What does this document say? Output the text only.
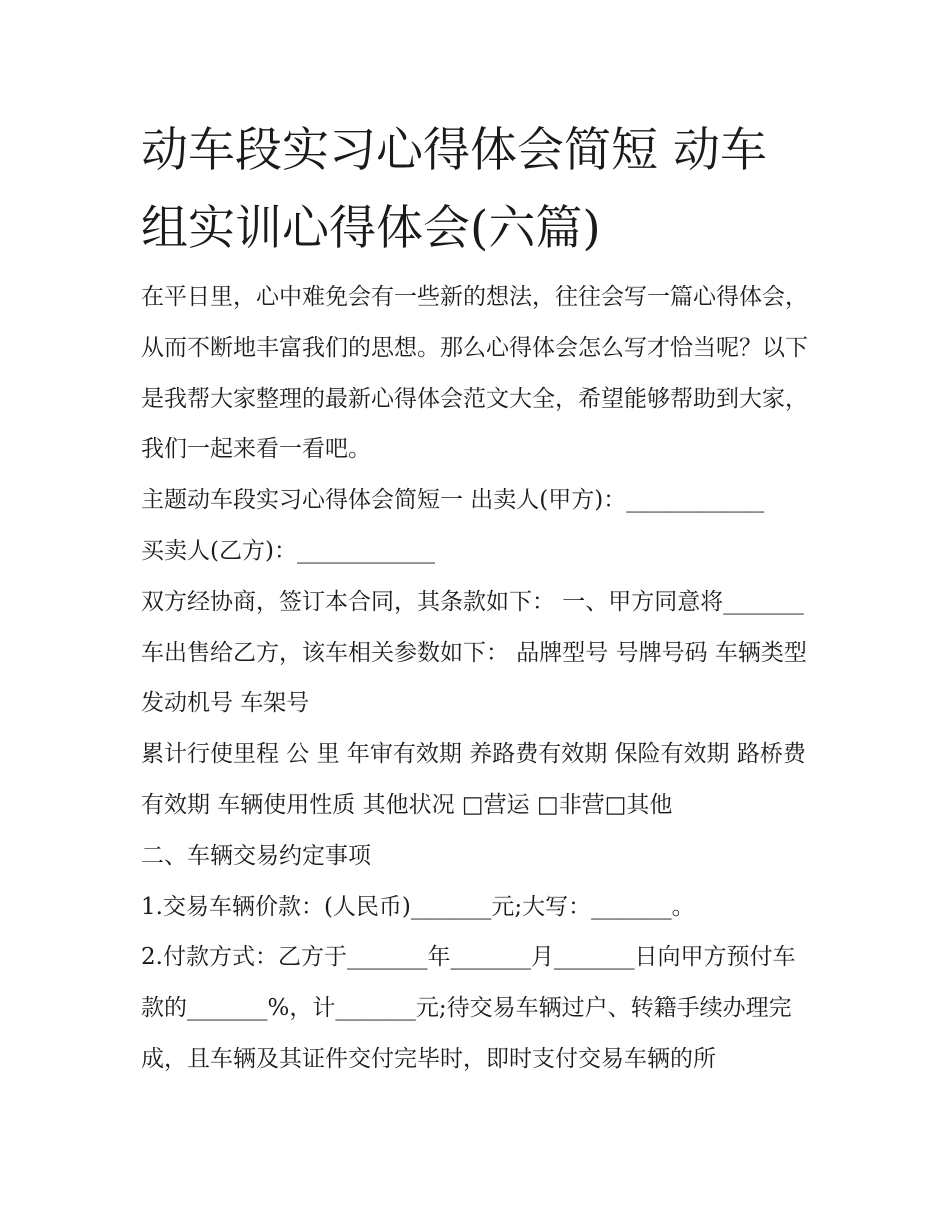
动车段实习心得体会简短 动车组实训心得体会(六篇)

在平日里，心中难免会有一些新的想法，往往会写一篇心得体会，从而不断地丰富我们的思想。那么心得体会怎么写才恰当呢？以下是我帮大家整理的最新心得体会范文大全，希望能够帮助到大家，我们一起来看一看吧。

主题动车段实习心得体会简短一 出卖人(甲方)：____________

买卖人(乙方)：____________

双方经协商，签订本合同，其条款如下： 一、甲方同意将_______车出售给乙方，该车相关参数如下： 品牌型号 号牌号码 车辆类型 发动机号 车架号

累计行使里程 公 里 年审有效期 养路费有效期 保险有效期 路桥费有效期 车辆使用性质 其他状况 □营运 □非营□其他

二、车辆交易约定事项

1.交易车辆价款：(人民币)_______元;大写：_______。

2.付款方式：乙方于_______年_______月_______日向甲方预付车款的_______%，计_______元;待交易车辆过户、转籍手续办理完成，且车辆及其证件交付完毕时，即时支付交易车辆的所
